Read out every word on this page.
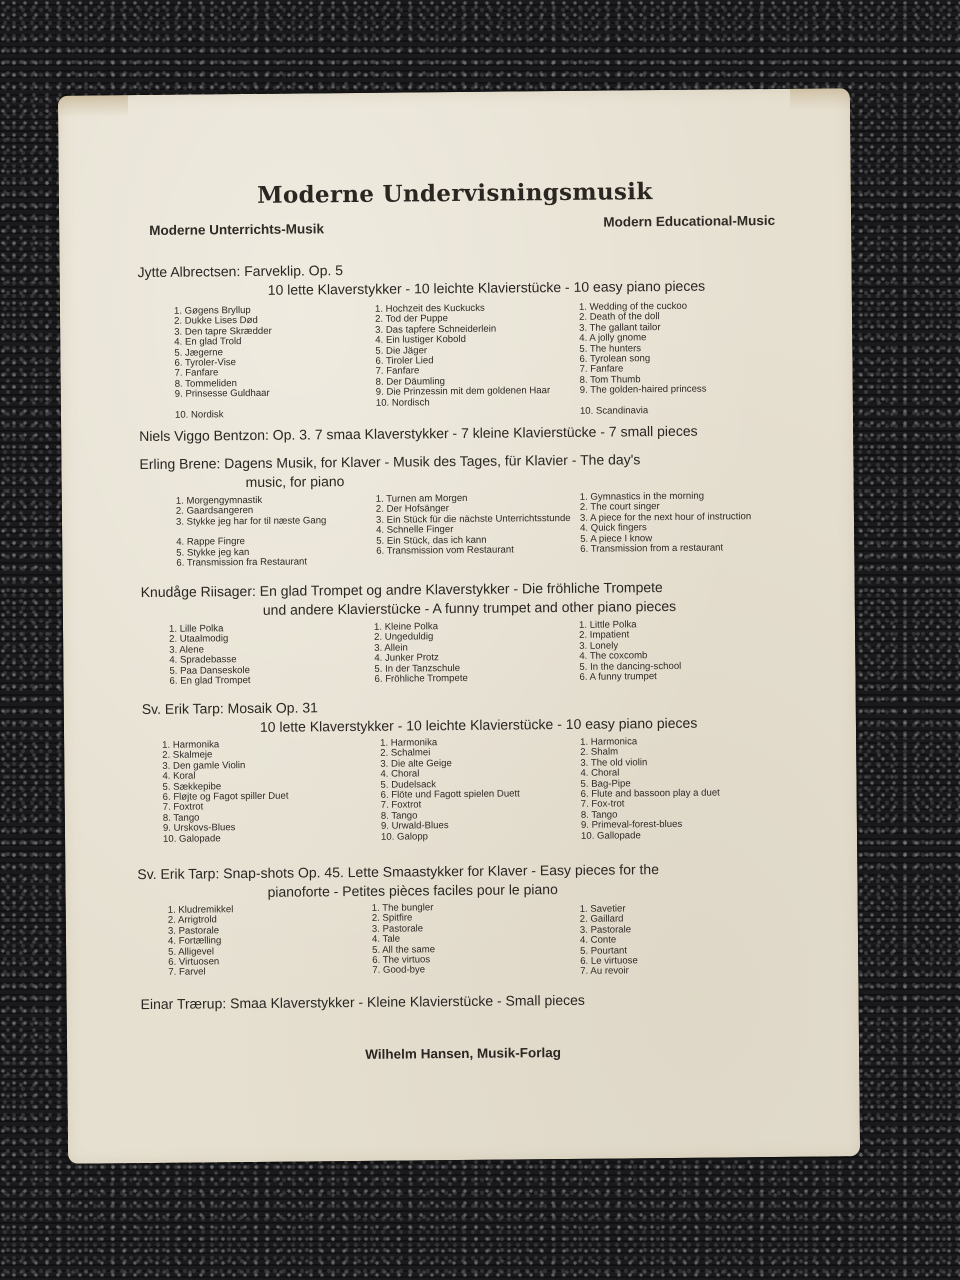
Moderne Undervisningsmusik
Moderne Unterrichts-Musik
Modern Educational-Music
Jytte Albrectsen: Farveklip. Op. 5
10 lette Klaverstykker - 10 leichte Klavierstücke - 10 easy piano pieces
1. Gøgens Bryllup
2. Dukke Lises Død
3. Den tapre Skrædder
4. En glad Trold
5. Jægerne
6. Tyroler-Vise
7. Fanfare
8. Tommeliden
9. Prinsesse Guldhaar
10. Nordisk
1. Hochzeit des Kuckucks
2. Tod der Puppe
3. Das tapfere Schneiderlein
4. Ein lustiger Kobold
5. Die Jäger
6. Tiroler Lied
7. Fanfare
8. Der Däumling
9. Die Prinzessin mit dem goldenen Haar
10. Nordisch
1. Wedding of the cuckoo
2. Death of the doll
3. The gallant tailor
4. A jolly gnome
5. The hunters
6. Tyrolean song
7. Fanfare
8. Tom Thumb
9. The golden-haired princess
10. Scandinavia
Niels Viggo Bentzon: Op. 3. 7 smaa Klaverstykker - 7 kleine Klavierstücke - 7 small pieces
Erling Brene: Dagens Musik, for Klaver - Musik des Tages, für Klavier - The day's
music, for piano
1. Morgengymnastik
2. Gaardsangeren
3. Stykke jeg har for til næste Gang
4. Rappe Fingre
5. Stykke jeg kan
6. Transmission fra Restaurant
1. Turnen am Morgen
2. Der Hofsänger
3. Ein Stück für die nächste Unterrichtsstunde
4. Schnelle Finger
5. Ein Stück, das ich kann
6. Transmission vom Restaurant
1. Gymnastics in the morning
2. The court singer
3. A piece for the next hour of instruction
4. Quick fingers
5. A piece I know
6. Transmission from a restaurant
Knudåge Riisager: En glad Trompet og andre Klaverstykker - Die fröhliche Trompete
und andere Klavierstücke - A funny trumpet and other piano pieces
1. Lille Polka
2. Utaalmodig
3. Alene
4. Spradebasse
5. Paa Danseskole
6. En glad Trompet
1. Kleine Polka
2. Ungeduldig
3. Allein
4. Junker Protz
5. In der Tanzschule
6. Fröhliche Trompete
1. Little Polka
2. Impatient
3. Lonely
4. The coxcomb
5. In the dancing-school
6. A funny trumpet
Sv. Erik Tarp: Mosaik Op. 31
10 lette Klaverstykker - 10 leichte Klavierstücke - 10 easy piano pieces
1. Harmonika
2. Skalmeje
3. Den gamle Violin
4. Koral
5. Sækkepibe
6. Fløjte og Fagot spiller Duet
7. Foxtrot
8. Tango
9. Urskovs-Blues
10. Galopade
1. Harmonika
2. Schalmei
3. Die alte Geige
4. Choral
5. Dudelsack
6. Flöte und Fagott spielen Duett
7. Foxtrot
8. Tango
9. Urwald-Blues
10. Galopp
1. Harmonica
2. Shalm
3. The old violin
4. Choral
5. Bag-Pipe
6. Flute and bassoon play a duet
7. Fox-trot
8. Tango
9. Primeval-forest-blues
10. Gallopade
Sv. Erik Tarp: Snap-shots Op. 45. Lette Smaastykker for Klaver - Easy pieces for the
pianoforte - Petites pièces faciles pour le piano
1. Kludremikkel
2. Arrigtrold
3. Pastorale
4. Fortælling
5. Alligevel
6. Virtuosen
7. Farvel
1. The bungler
2. Spitfire
3. Pastorale
4. Tale
5. All the same
6. The virtuos
7. Good-bye
1. Savetier
2. Gaillard
3. Pastorale
4. Conte
5. Pourtant
6. Le virtuose
7. Au revoir
Einar Trærup: Smaa Klaverstykker - Kleine Klavierstücke - Small pieces
Wilhelm Hansen, Musik-Forlag
